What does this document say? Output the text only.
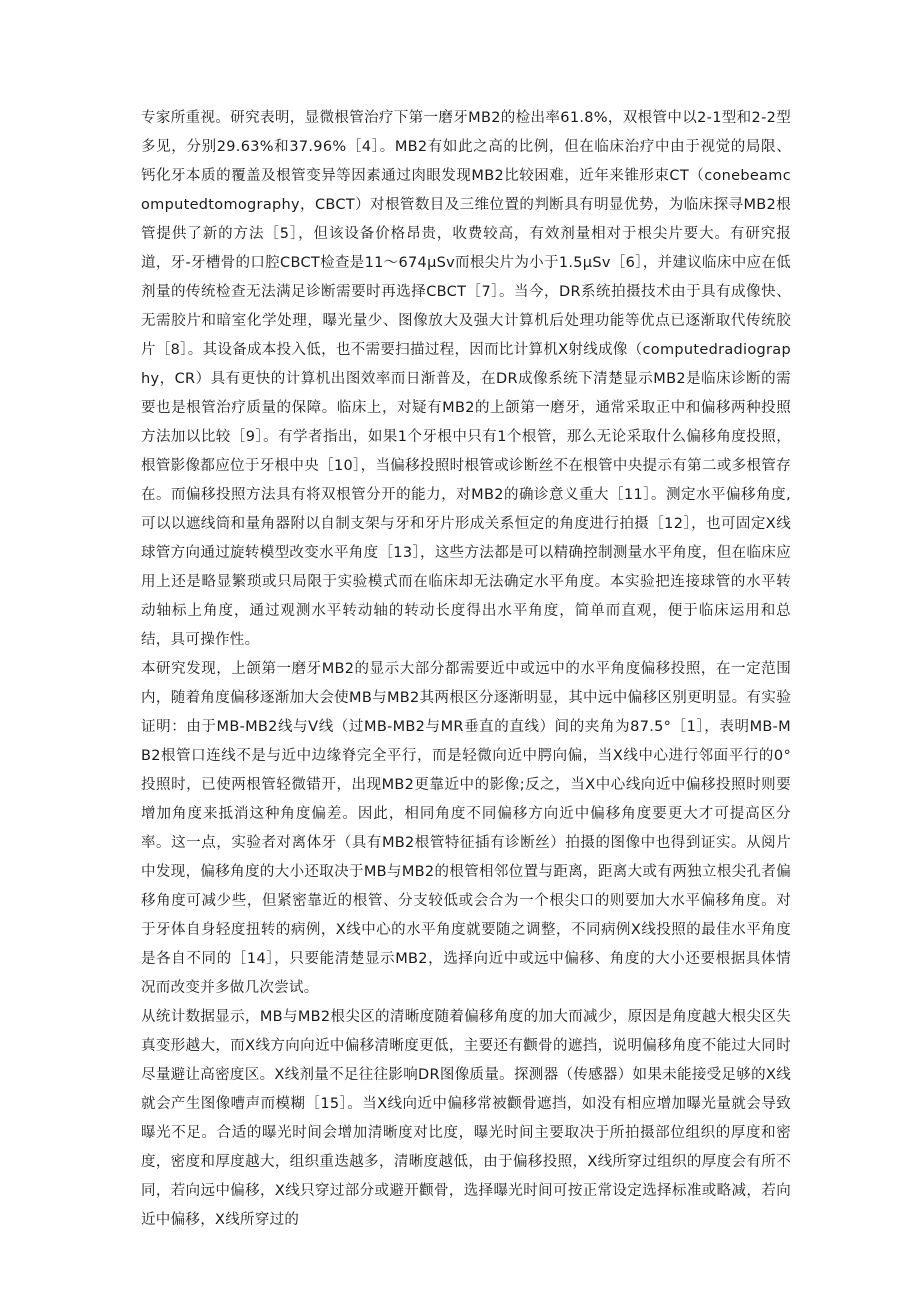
专家所重视。研究表明，显微根管治疗下第一磨牙MB2的检出率61.8%，双根管中以2-1型和2-2型多见，分别29.63%和37.96%［4］。MB2有如此之高的比例，但在临床治疗中由于视觉的局限、钙化牙本质的覆盖及根管变异等因素通过肉眼发现MB2比较困难，近年来锥形束CT（conebeamcomputedtomography，CBCT）对根管数目及三维位置的判断具有明显优势，为临床探寻MB2根管提供了新的方法［5］，但该设备价格昂贵，收费较高，有效剂量相对于根尖片要大。有研究报道，牙-牙槽骨的口腔CBCT检查是11～674μSv而根尖片为小于1.5μSv［6］，并建议临床中应在低剂量的传统检查无法满足诊断需要时再选择CBCT［7］。当今，DR系统拍摄技术由于具有成像快、无需胶片和暗室化学处理，曝光量少、图像放大及强大计算机后处理功能等优点已逐渐取代传统胶片［8］。其设备成本投入低，也不需要扫描过程，因而比计算机X射线成像（computedradiography，CR）具有更快的计算机出图效率而日渐普及，在DR成像系统下清楚显示MB2是临床诊断的需要也是根管治疗质量的保障。临床上，对疑有MB2的上颌第一磨牙，通常采取正中和偏移两种投照方法加以比较［9］。有学者指出，如果1个牙根中只有1个根管，那么无论采取什么偏移角度投照，根管影像都应位于牙根中央［10］，当偏移投照时根管或诊断丝不在根管中央提示有第二或多根管存在。而偏移投照方法具有将双根管分开的能力，对MB2的确诊意义重大［11］。测定水平偏移角度,可以以遮线筒和量角器附以自制支架与牙和牙片形成关系恒定的角度进行拍摄［12］，也可固定X线球管方向通过旋转模型改变水平角度［13］，这些方法都是可以精确控制测量水平角度，但在临床应用上还是略显繁琐或只局限于实验模式而在临床却无法确定水平角度。本实验把连接球管的水平转动轴标上角度，通过观测水平转动轴的转动长度得出水平角度，简单而直观，便于临床运用和总结，具可操作性。

本研究发现，上颌第一磨牙MB2的显示大部分都需要近中或远中的水平角度偏移投照，在一定范围内，随着角度偏移逐渐加大会使MB与MB2其两根区分逐渐明显，其中远中偏移区别更明显。有实验证明：由于MB-MB2线与V线（过MB-MB2与MR垂直的直线）间的夹角为87.5°［1］，表明MB-MB2根管口连线不是与近中边缘脊完全平行，而是轻微向近中腭向偏，当X线中心进行邻面平行的0°投照时，已使两根管轻微错开，出现MB2更靠近中的影像;反之，当X中心线向近中偏移投照时则要增加角度来抵消这种角度偏差。因此，相同角度不同偏移方向近中偏移角度要更大才可提高区分率。这一点，实验者对离体牙（具有MB2根管特征插有诊断丝）拍摄的图像中也得到证实。从阅片中发现，偏移角度的大小还取决于MB与MB2的根管相邻位置与距离，距离大或有两独立根尖孔者偏移角度可减少些，但紧密靠近的根管、分支较低或会合为一个根尖口的则要加大水平偏移角度。对于牙体自身轻度扭转的病例，X线中心的水平角度就要随之调整，不同病例X线投照的最佳水平角度是各自不同的［14］，只要能清楚显示MB2，选择向近中或远中偏移、角度的大小还要根据具体情况而改变并多做几次尝试。

从统计数据显示，MB与MB2根尖区的清晰度随着偏移角度的加大而减少，原因是角度越大根尖区失真变形越大，而X线方向向近中偏移清晰度更低，主要还有颧骨的遮挡，说明偏移角度不能过大同时尽量避让高密度区。X线剂量不足往往影响DR图像质量。探测器（传感器）如果未能接受足够的X线就会产生图像嘈声而模糊［15］。当X线向近中偏移常被颧骨遮挡，如没有相应增加曝光量就会导致曝光不足。合适的曝光时间会增加清晰度对比度，曝光时间主要取决于所拍摄部位组织的厚度和密度，密度和厚度越大，组织重迭越多，清晰度越低，由于偏移投照，X线所穿过组织的厚度会有所不同，若向远中偏移，X线只穿过部分或避开颧骨，选择曝光时间可按正常设定选择标准或略减，若向近中偏移，X线所穿过的
